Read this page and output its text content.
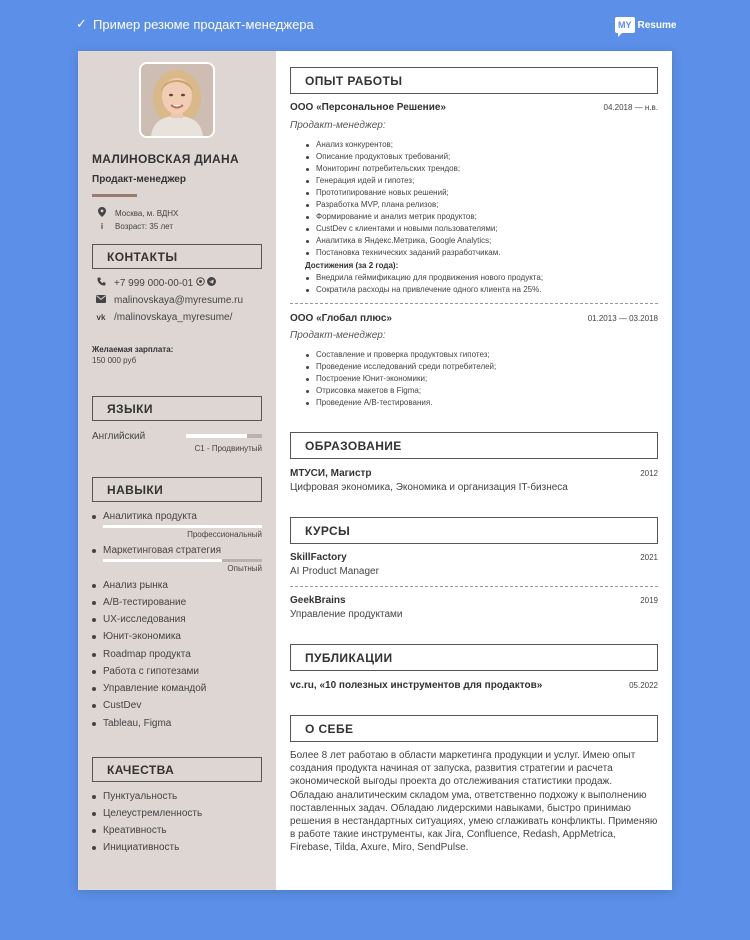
✓ Пример резюме продакт-менеджера	MY Resume
МАЛИНОВСКАЯ ДИАНА
Продакт-менеджер
Москва, м. ВДНХ
i	Возраст: 35 лет
КОНТАКТЫ
+7 999 000-00-01
malinovskaya@myresume.ru
vk /malinovskaya_myresume/
Желаемая зарплата:
150 000 руб
ЯЗЫКИ
Английский
C1 - Продвинутый
НАВЫКИ
Аналитика продукта
Профессиональный
Маркетинговая стратегия
Опытный
Анализ рынка
A/B-тестирование
UX-исследования
Юнит-экономика
Roadmap продукта
Работа с гипотезами
Управление командой
CustDev
Tableau, Figma
КАЧЕСТВА
Пунктуальность
Целеустремленность
Креативность
Инициативность
ОПЫТ РАБОТЫ
ООО «Персональное Решение»	04.2018 — н.в.
Продакт-менеджер:
Анализ конкурентов;
Описание продуктовых требований;
Мониторинг потребительских трендов;
Генерация идей и гипотез;
Прототипирование новых решений;
Разработка MVP, плана релизов;
Формирование и анализ метрик продуктов;
CustDev с клиентами и новыми пользователями;
Аналитика в Яндекс.Метрика, Google Analytics;
Постановка технических заданий разработчикам.
Достижения (за 2 года):
Внедрила геймификацию для продвижения нового продукта;
Сократила расходы на привлечение одного клиента на 25%.
ООО «Глобал плюс»	01.2013 — 03.2018
Продакт-менеджер:
Составление и проверка продуктовых гипотез;
Проведение исследований среди потребителей;
Построение Юнит-экономики;
Отрисовка макетов в Figma;
Проведение A/B-тестирования.
ОБРАЗОВАНИЕ
МТУСИ, Магистр	2012
Цифровая экономика, Экономика и организация IT-бизнеса
КУРСЫ
SkillFactory	2021
AI Product Manager
GeekBrains	2019
Управление продуктами
ПУБЛИКАЦИИ
vc.ru, «10 полезных инструментов для продактов»	05.2022
О СЕБЕ
Более 8 лет работаю в области маркетинга продукции и услуг. Имею опыт создания продукта начиная от запуска, развития стратегии и расчета экономической выгоды проекта до отслеживания статистики продаж. Обладаю аналитическим складом ума, ответственно подхожу к выполнению поставленных задач. Обладаю лидерскими навыками, быстро принимаю решения в нестандартных ситуациях, умею сглаживать конфликты. Применяю в работе такие инструменты, как Jira, Confluence, Redash, AppMetrica, Firebase, Tilda, Axure, Miro, SendPulse.
